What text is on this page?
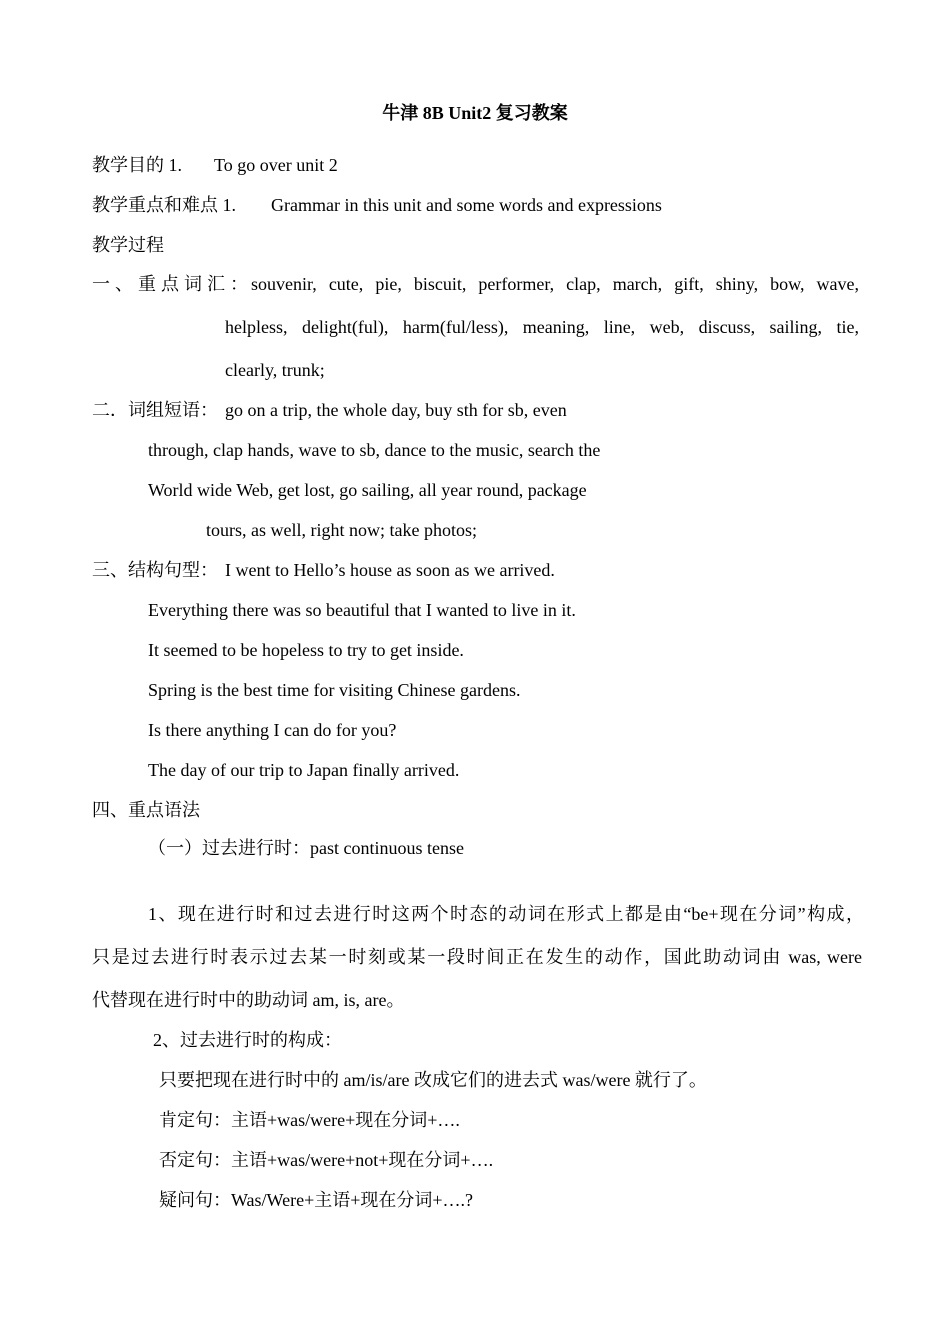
牛津 8B Unit2 复习教案
教学目的 1. To go over unit 2
教学重点和难点 1. Grammar in this unit and some words and expressions
教学过程
一、重点词汇：
souvenir, cute, pie, biscuit, performer, clap, march, gift, shiny, bow, wave,
helpless, delight(ful), harm(ful/less), meaning, line, web, discuss, sailing, tie,
clearly, trunk;
二．词组短语： go on a trip, the whole day, buy sth for sb, even
through, clap hands, wave to sb, dance to the music, search the
World wide Web, get lost, go sailing, all year round, package
tours, as well, right now; take photos;
三、结构句型： I went to Hello’s house as soon as we arrived.
Everything there was so beautiful that I wanted to live in it.
It seemed to be hopeless to try to get inside.
Spring is the best time for visiting Chinese gardens.
Is there anything I can do for you?
The day of our trip to Japan finally arrived.
四、重点语法
（一）过去进行时：past continuous tense
1、现在进行时和过去进行时这两个时态的动词在形式上都是由“be+现在分词”构成，
只是过去进行时表示过去某一时刻或某一段时间正在发生的动作，国此助动词由 was, were
代替现在进行时中的助动词 am, is, are。
2、过去进行时的构成：
只要把现在进行时中的 am/is/are 改成它们的进去式 was/were 就行了。
肯定句：主语+was/were+现在分词+….
否定句：主语+was/were+not+现在分词+….
疑问句：Was/Were+主语+现在分词+….?
